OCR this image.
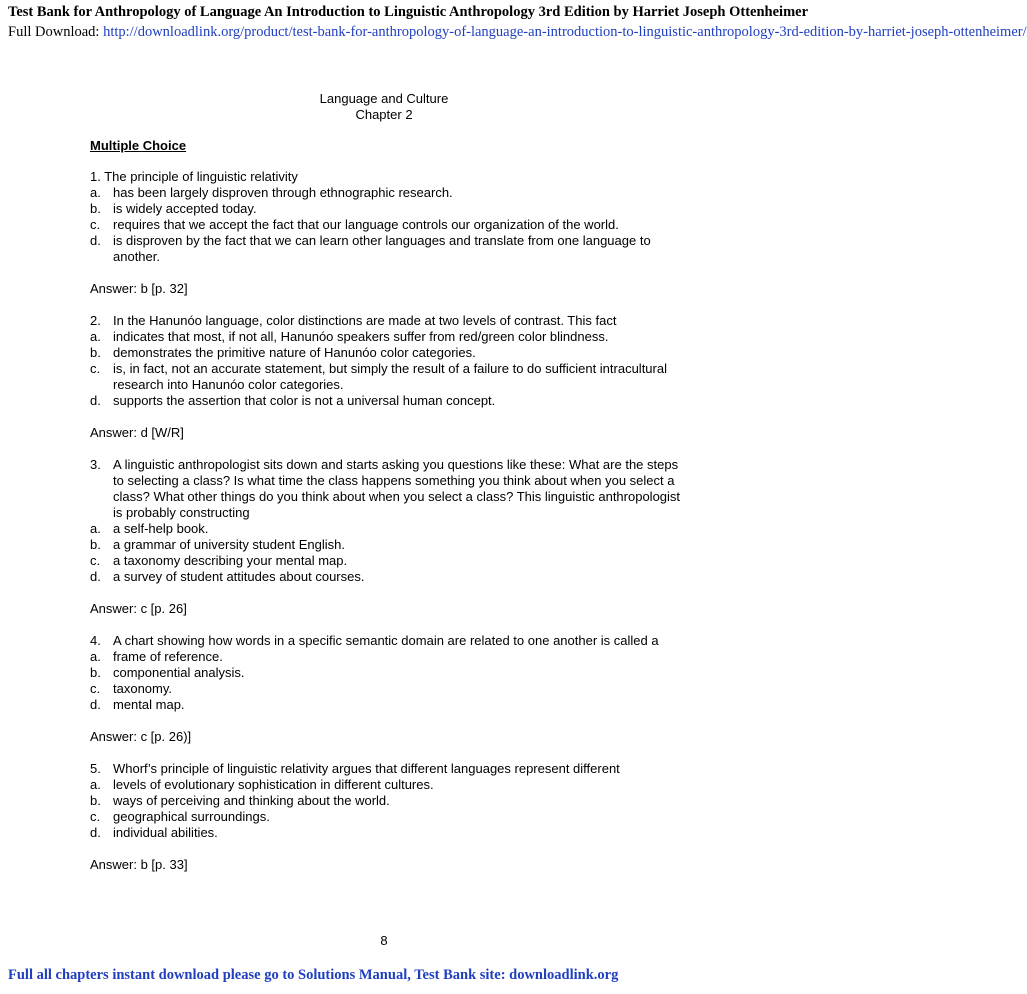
Test Bank for Anthropology of Language An Introduction to Linguistic Anthropology 3rd Edition by Harriet Joseph Ottenheimer
Full Download: http://downloadlink.org/product/test-bank-for-anthropology-of-language-an-introduction-to-linguistic-anthropology-3rd-edition-by-harriet-joseph-ottenheimer/
Language and Culture
Chapter 2
Multiple Choice
1. The principle of linguistic relativity
a. has been largely disproven through ethnographic research.
b. is widely accepted today.
c. requires that we accept the fact that our language controls our organization of the world.
d. is disproven by the fact that we can learn other languages and translate from one language to another.
Answer: b [p. 32]
2. In the Hanunóo language, color distinctions are made at two levels of contrast. This fact
a. indicates that most, if not all, Hanunóo speakers suffer from red/green color blindness.
b. demonstrates the primitive nature of Hanunóo color categories.
c. is, in fact, not an accurate statement, but simply the result of a failure to do sufficient intracultural research into Hanunóo color categories.
d. supports the assertion that color is not a universal human concept.
Answer: d [W/R]
3. A linguistic anthropologist sits down and starts asking you questions like these: What are the steps to selecting a class? Is what time the class happens something you think about when you select a class? What other things do you think about when you select a class? This linguistic anthropologist is probably constructing
a. a self-help book.
b. a grammar of university student English.
c. a taxonomy describing your mental map.
d. a survey of student attitudes about courses.
Answer: c [p. 26]
4. A chart showing how words in a specific semantic domain are related to one another is called a
a. frame of reference.
b. componential analysis.
c. taxonomy.
d. mental map.
Answer: c [p. 26)]
5. Whorf’s principle of linguistic relativity argues that different languages represent different
a. levels of evolutionary sophistication in different cultures.
b. ways of perceiving and thinking about the world.
c. geographical surroundings.
d. individual abilities.
Answer: b [p. 33]
8
Full all chapters instant download please go to Solutions Manual, Test Bank site: downloadlink.org
